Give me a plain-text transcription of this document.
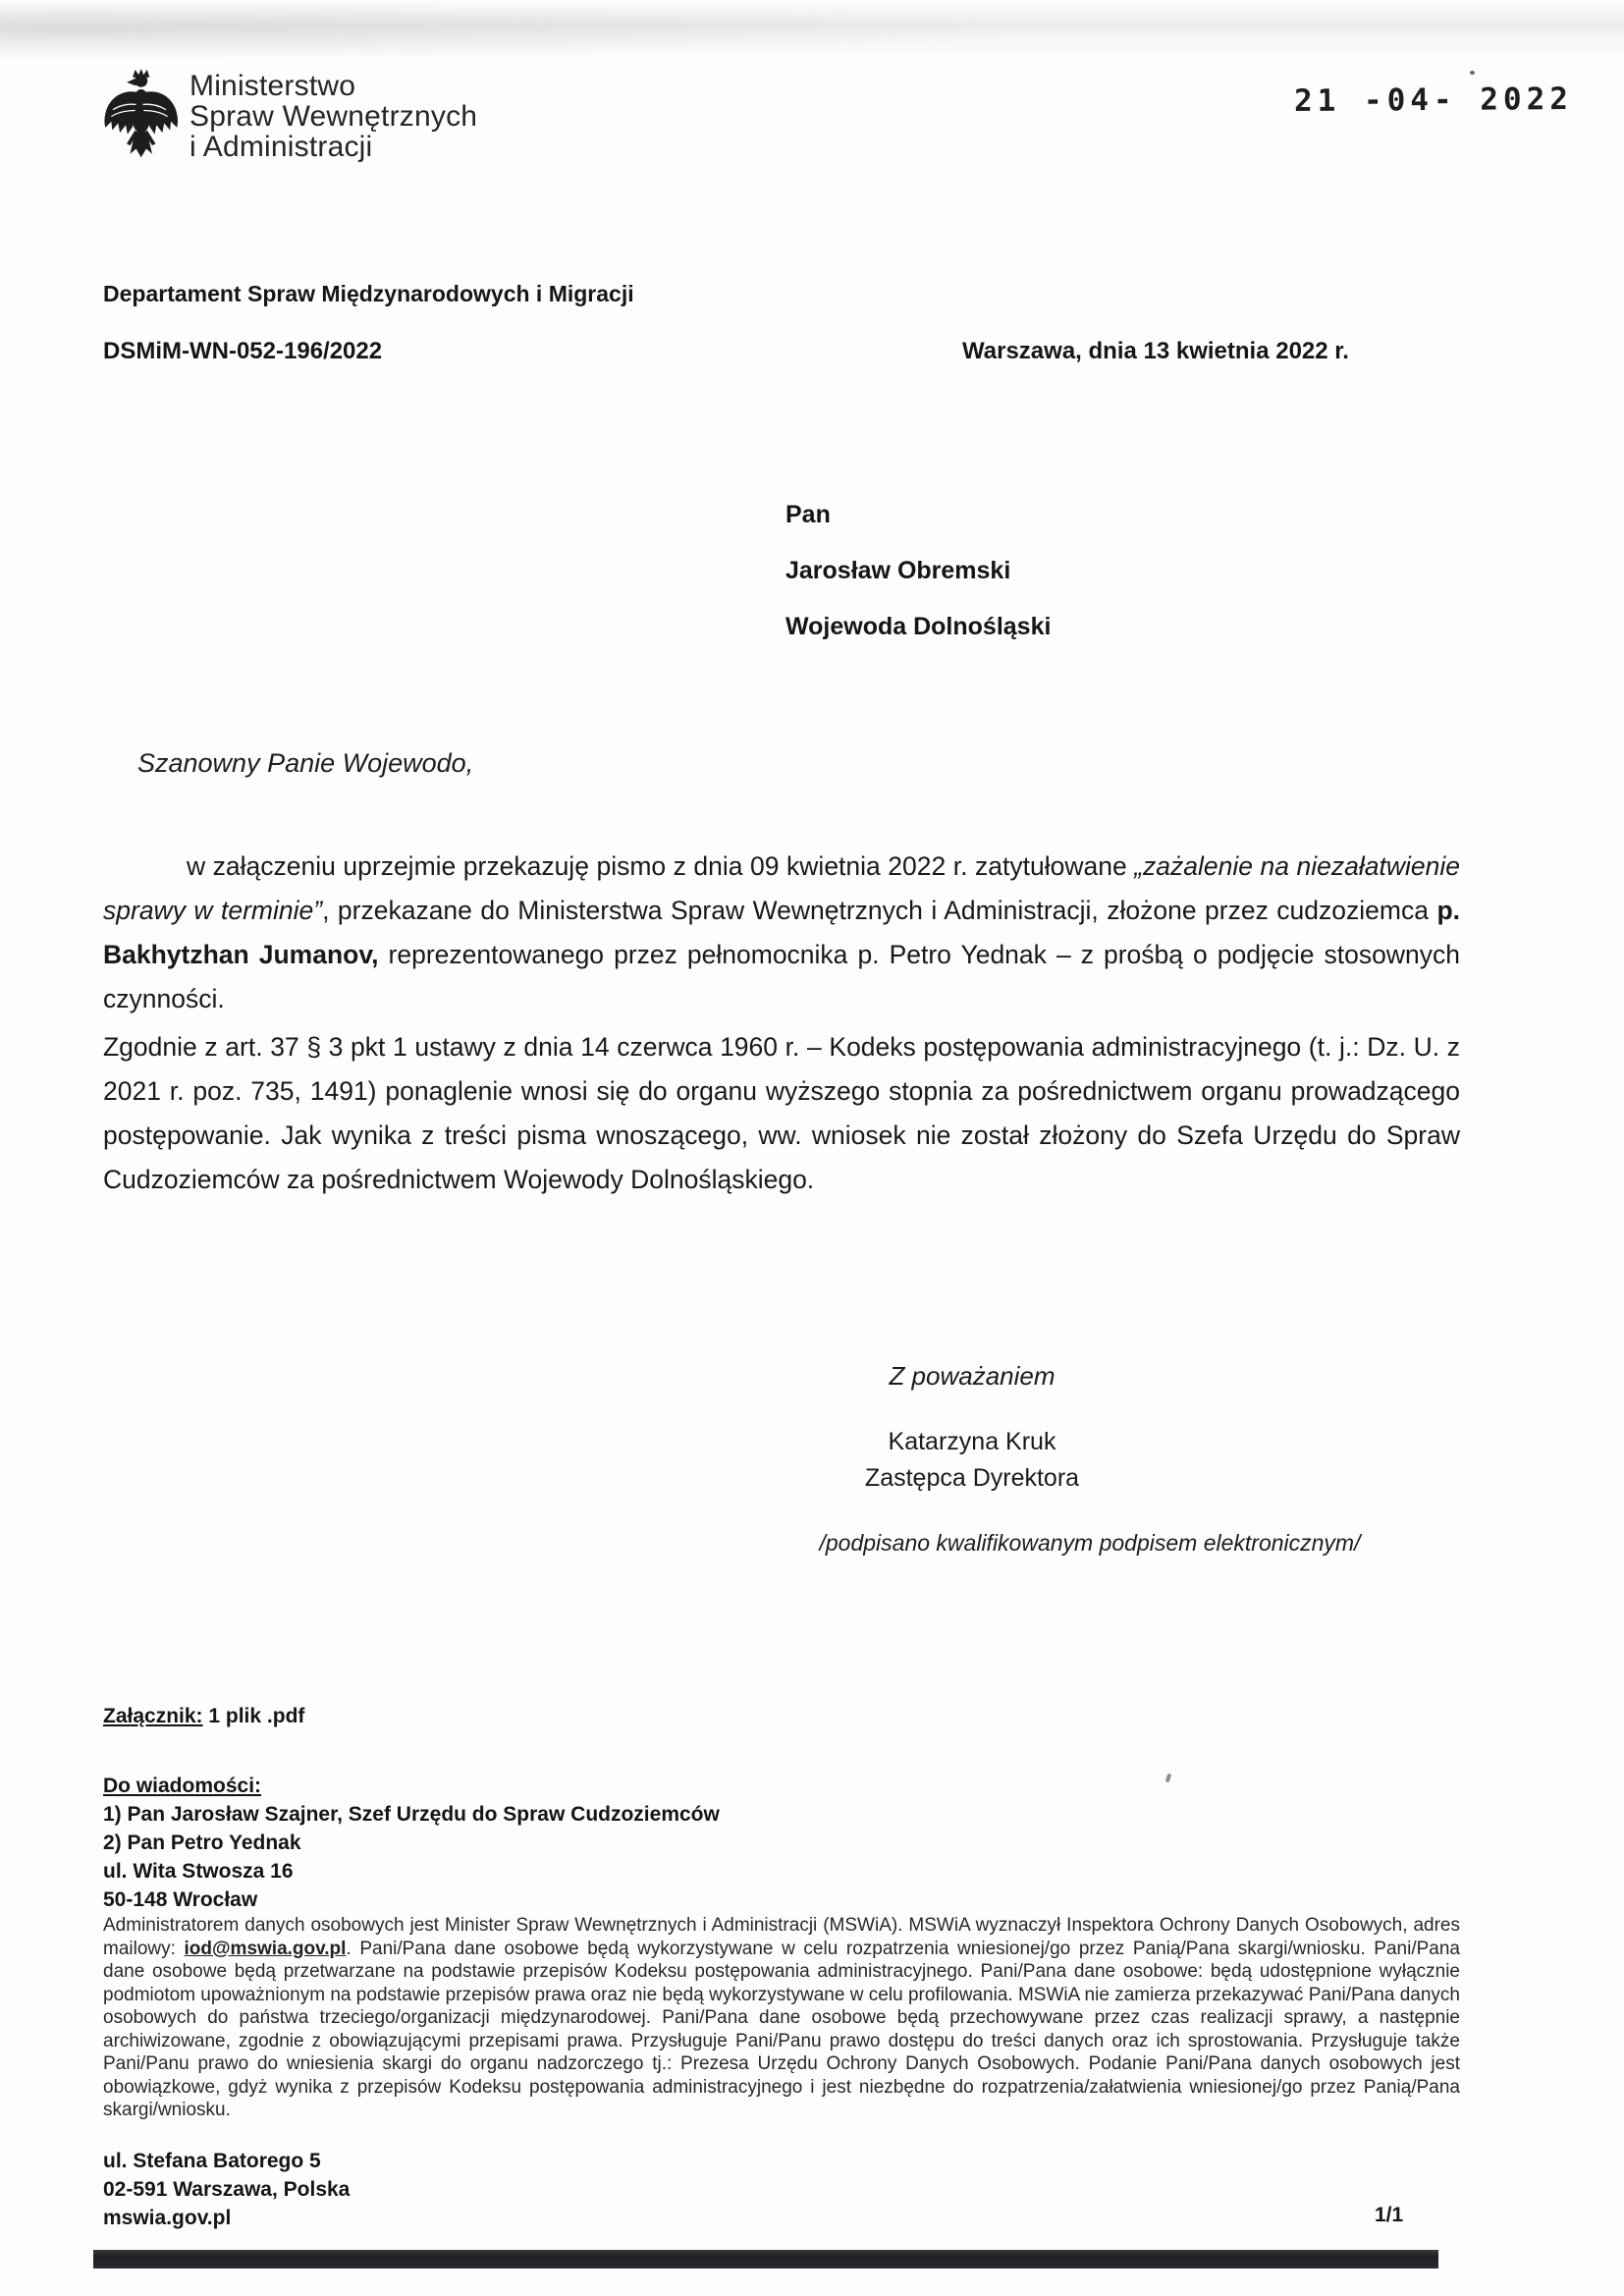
Ministerstwo
Spraw Wewnętrznych
i Administracji
21 -04- 2022
Departament Spraw Międzynarodowych i Migracji
DSMiM-WN-052-196/2022	Warszawa, dnia 13 kwietnia 2022 r.
Pan
Jarosław Obremski
Wojewoda Dolnośląski
Szanowny Panie Wojewodo,

w załączeniu uprzejmie przekazuję pismo z dnia 09 kwietnia 2022 r. zatytułowane „zażalenie na niezałatwienie sprawy w terminie”, przekazane do Ministerstwa Spraw Wewnętrznych i Administracji, złożone przez cudzoziemca p. Bakhytzhan Jumanov, reprezentowanego przez pełnomocnika p. Petro Yednak – z prośbą o podjęcie stosownych czynności.

Zgodnie z art. 37 § 3 pkt 1 ustawy z dnia 14 czerwca 1960 r. – Kodeks postępowania administracyjnego (t. j.: Dz. U. z 2021 r. poz. 735, 1491) ponaglenie wnosi się do organu wyższego stopnia za pośrednictwem organu prowadzącego postępowanie. Jak wynika z treści pisma wnoszącego, ww. wniosek nie został złożony do Szefa Urzędu do Spraw Cudzoziemców za pośrednictwem Wojewody Dolnośląskiego.

Z poważaniem
Katarzyna Kruk
Zastępca Dyrektora
/podpisano kwalifikowanym podpisem elektronicznym/
Załącznik: 1 plik .pdf
Do wiadomości:
1) Pan Jarosław Szajner, Szef Urzędu do Spraw Cudzoziemców
2) Pan Petro Yednak
ul. Wita Stwosza 16
50-148 Wrocław

Administratorem danych osobowych jest Minister Spraw Wewnętrznych i Administracji (MSWiA). MSWiA wyznaczył Inspektora Ochrony Danych Osobowych, adres mailowy: iod@mswia.gov.pl. Pani/Pana dane osobowe będą wykorzystywane w celu rozpatrzenia wniesionej/go przez Panią/Pana skargi/wniosku. Pani/Pana dane osobowe będą przetwarzane na podstawie przepisów Kodeksu postępowania administracyjnego. Pani/Pana dane osobowe: będą udostępnione wyłącznie podmiotom upoważnionym na podstawie przepisów prawa oraz nie będą wykorzystywane w celu profilowania. MSWiA nie zamierza przekazywać Pani/Pana danych osobowych do państwa trzeciego/organizacji międzynarodowej. Pani/Pana dane osobowe będą przechowywane przez czas realizacji sprawy, a następnie archiwizowane, zgodnie z obowiązującymi przepisami prawa. Przysługuje Pani/Panu prawo dostępu do treści danych oraz ich sprostowania. Przysługuje także Pani/Panu prawo do wniesienia skargi do organu nadzorczego tj.: Prezesa Urzędu Ochrony Danych Osobowych. Podanie Pani/Pana danych osobowych jest obowiązkowe, gdyż wynika z przepisów Kodeksu postępowania administracyjnego i jest niezbędne do rozpatrzenia/załatwienia wniesionej/go przez Panią/Pana skargi/wniosku.

ul. Stefana Batorego 5
02-591 Warszawa, Polska
mswia.gov.pl	1/1
